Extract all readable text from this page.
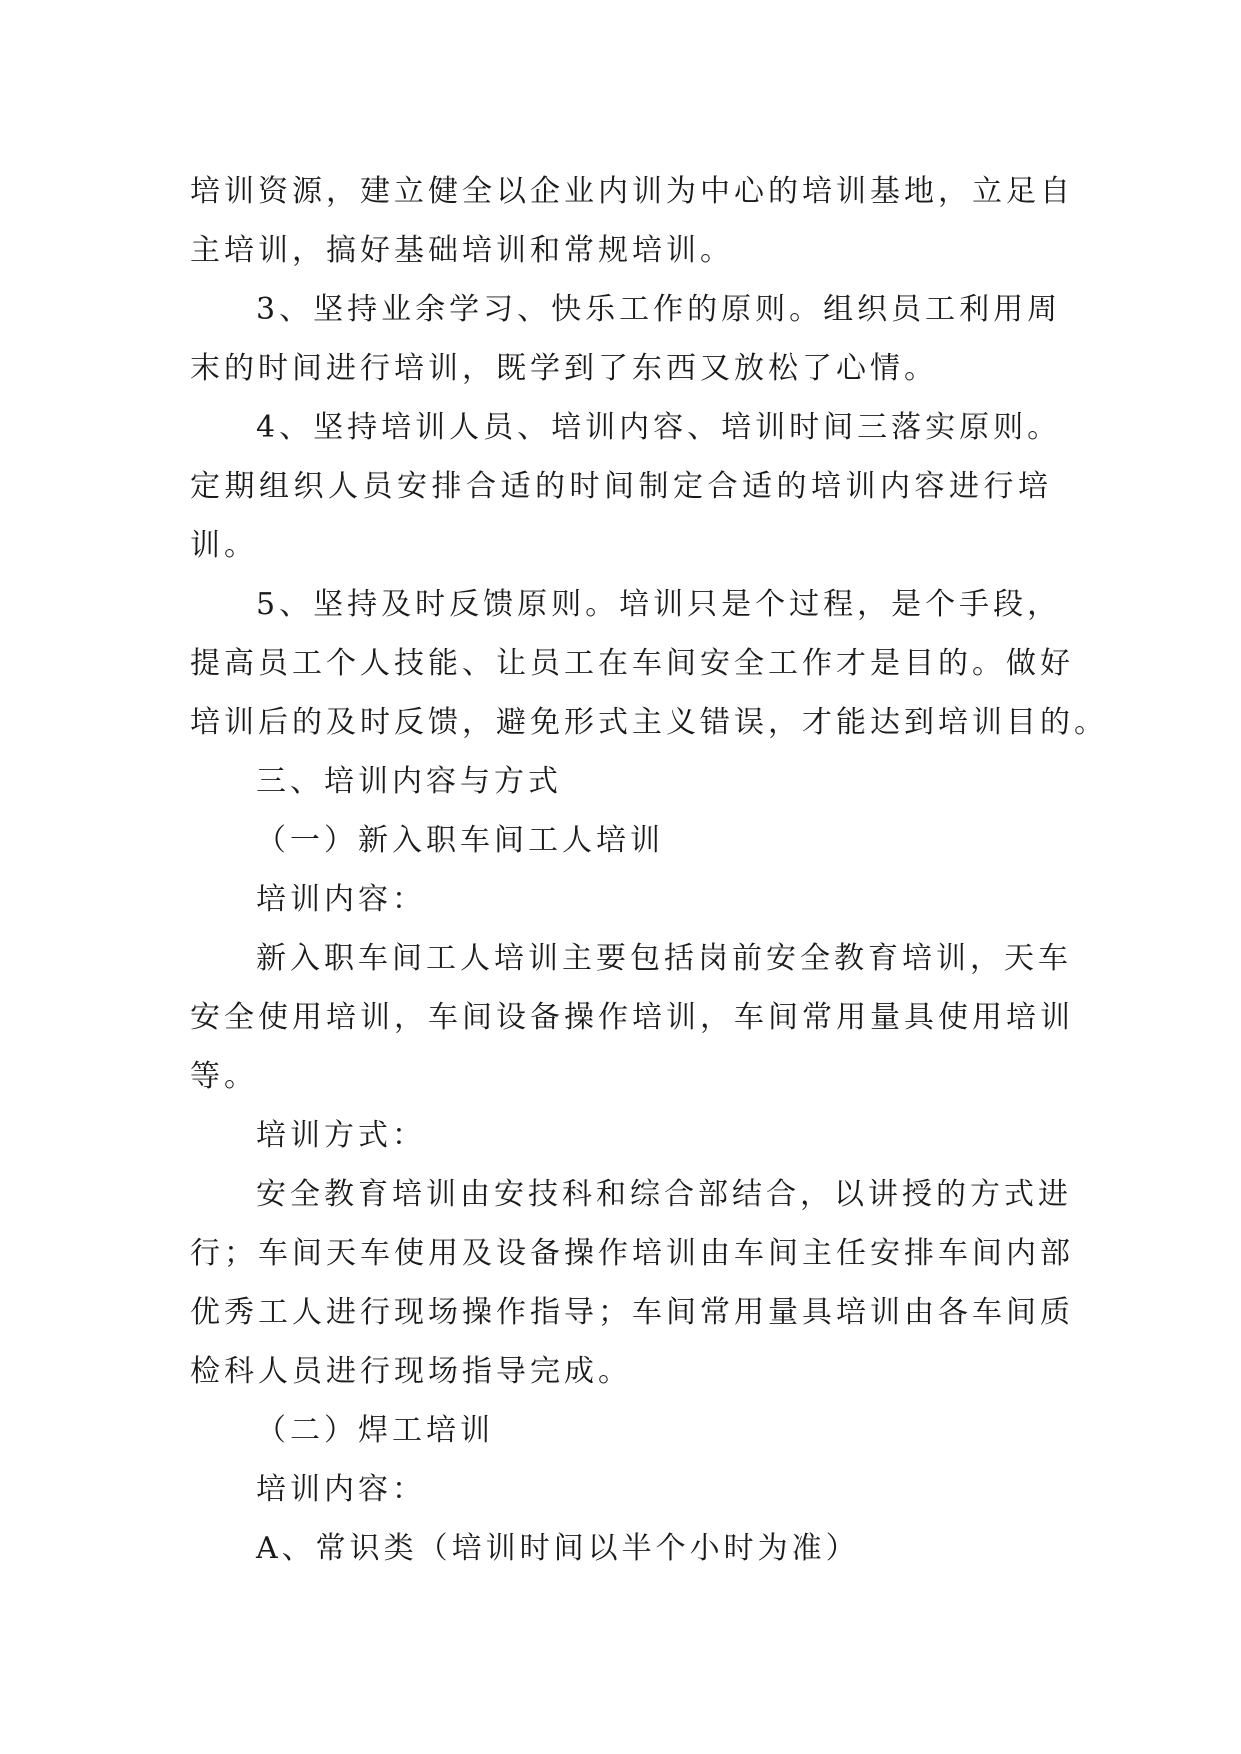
培训资源，建立健全以企业内训为中心的培训基地，立足自
主培训，搞好基础培训和常规培训。
3、坚持业余学习、快乐工作的原则。组织员工利用周
末的时间进行培训，既学到了东西又放松了心情。
4、坚持培训人员、培训内容、培训时间三落实原则。
定期组织人员安排合适的时间制定合适的培训内容进行培
训。
5、坚持及时反馈原则。培训只是个过程，是个手段，
提高员工个人技能、让员工在车间安全工作才是目的。做好
培训后的及时反馈，避免形式主义错误，才能达到培训目的。
三、培训内容与方式
（一）新入职车间工人培训
培训内容：
新入职车间工人培训主要包括岗前安全教育培训，天车
安全使用培训，车间设备操作培训，车间常用量具使用培训
等。
培训方式：
安全教育培训由安技科和综合部结合，以讲授的方式进
行；车间天车使用及设备操作培训由车间主任安排车间内部
优秀工人进行现场操作指导；车间常用量具培训由各车间质
检科人员进行现场指导完成。
（二）焊工培训
培训内容：
A、常识类（培训时间以半个小时为准）
